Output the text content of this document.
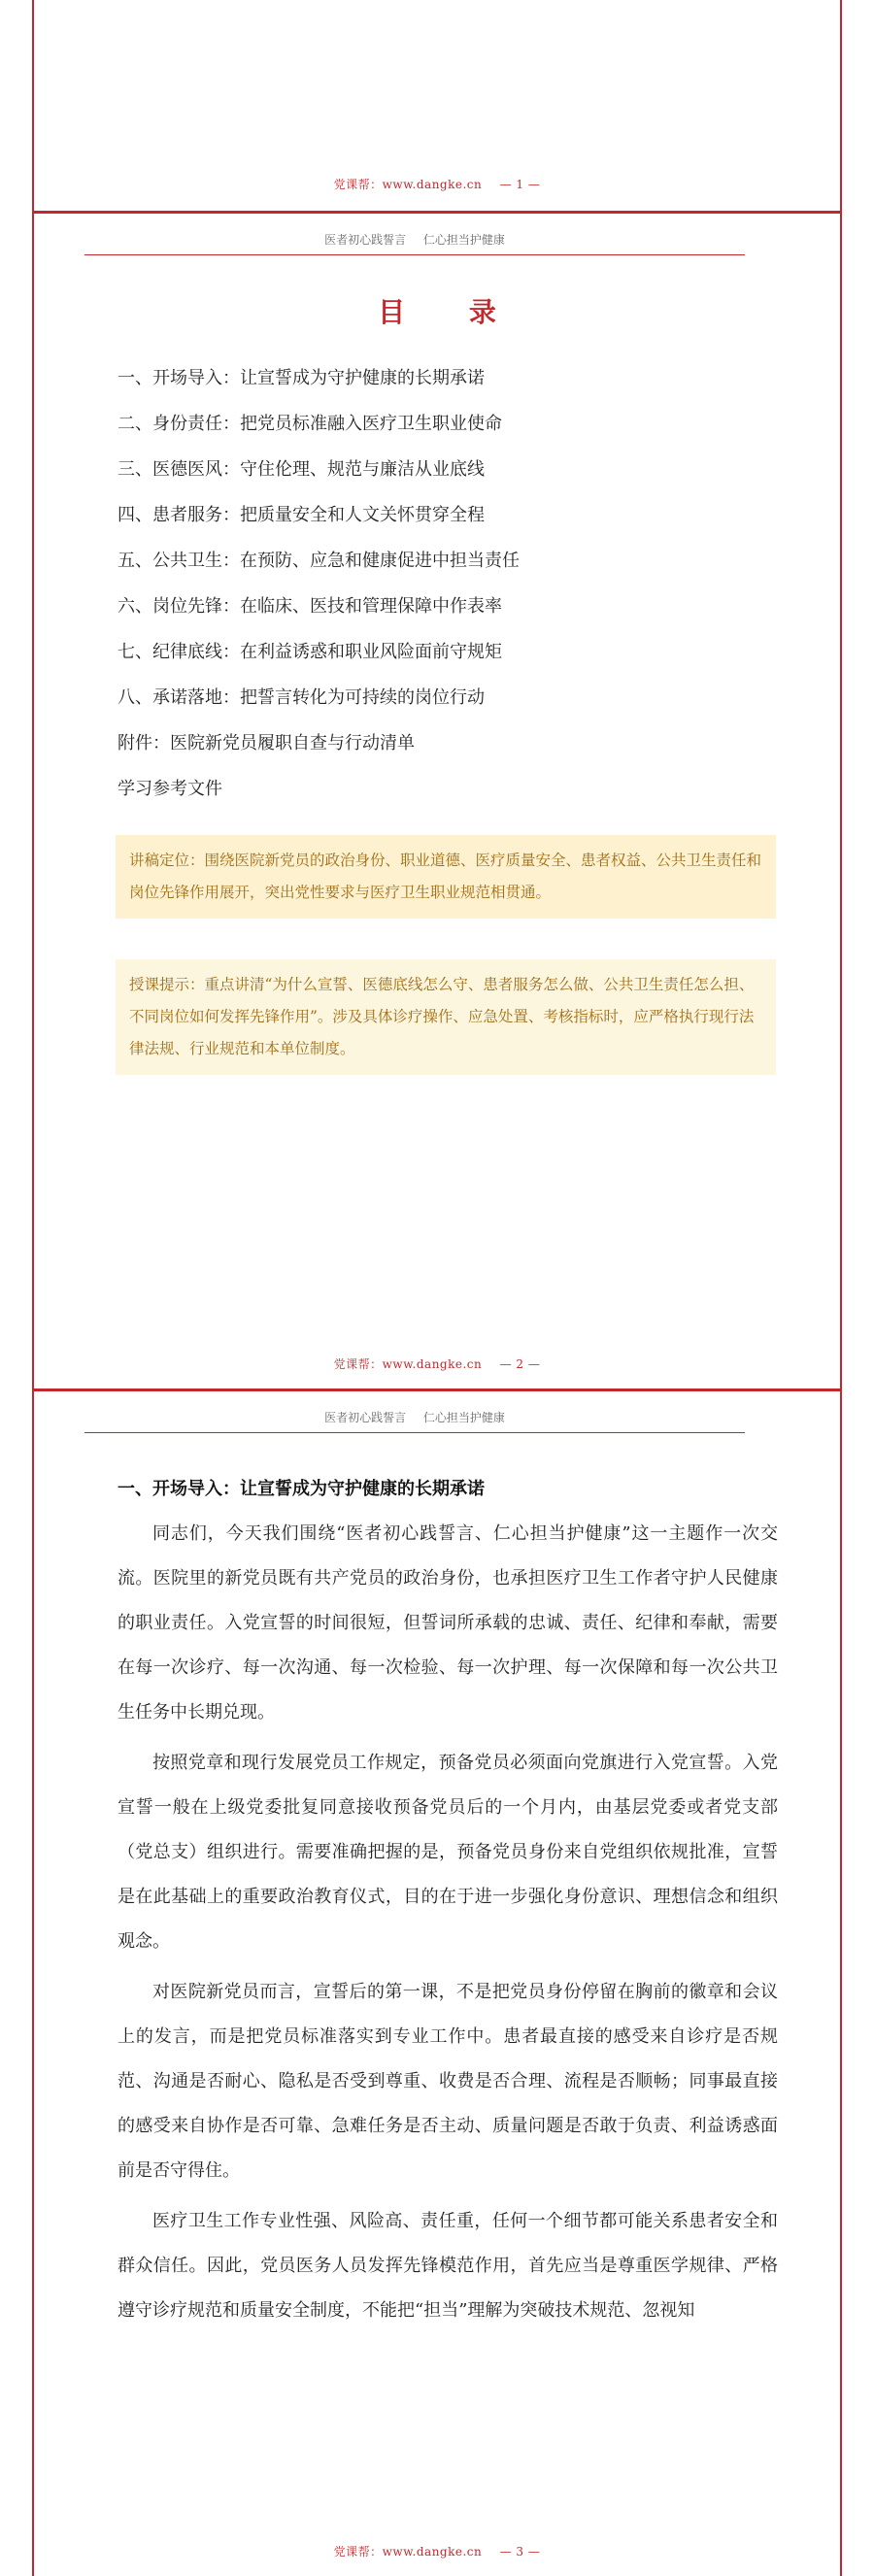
党课帮：www.dangke.cn — 1 —
医者初心践誓言 仁心担当护健康
目 录
一、开场导入：让宣誓成为守护健康的长期承诺
二、身份责任：把党员标准融入医疗卫生职业使命
三、医德医风：守住伦理、规范与廉洁从业底线
四、患者服务：把质量安全和人文关怀贯穿全程
五、公共卫生：在预防、应急和健康促进中担当责任
六、岗位先锋：在临床、医技和管理保障中作表率
七、纪律底线：在利益诱惑和职业风险面前守规矩
八、承诺落地：把誓言转化为可持续的岗位行动
附件：医院新党员履职自查与行动清单
学习参考文件
讲稿定位：围绕医院新党员的政治身份、职业道德、医疗质量安全、患者权益、公共卫生责任和岗位先锋作用展开，突出党性要求与医疗卫生职业规范相贯通。
授课提示：重点讲清“为什么宣誓、医德底线怎么守、患者服务怎么做、公共卫生责任怎么担、不同岗位如何发挥先锋作用”。涉及具体诊疗操作、应急处置、考核指标时，应严格执行现行法律法规、行业规范和本单位制度。
党课帮：www.dangke.cn — 2 —
医者初心践誓言 仁心担当护健康
一、开场导入：让宣誓成为守护健康的长期承诺

同志们，今天我们围绕“医者初心践誓言、仁心担当护健康”这一主题作一次交流。医院里的新党员既有共产党员的政治身份，也承担医疗卫生工作者守护人民健康的职业责任。入党宣誓的时间很短，但誓词所承载的忠诚、责任、纪律和奉献，需要在每一次诊疗、每一次沟通、每一次检验、每一次护理、每一次保障和每一次公共卫生任务中长期兑现。

按照党章和现行发展党员工作规定，预备党员必须面向党旗进行入党宣誓。入党宣誓一般在上级党委批复同意接收预备党员后的一个月内，由基层党委或者党支部（党总支）组织进行。需要准确把握的是，预备党员身份来自党组织依规批准，宣誓是在此基础上的重要政治教育仪式，目的在于进一步强化身份意识、理想信念和组织观念。

对医院新党员而言，宣誓后的第一课，不是把党员身份停留在胸前的徽章和会议上的发言，而是把党员标准落实到专业工作中。患者最直接的感受来自诊疗是否规范、沟通是否耐心、隐私是否受到尊重、收费是否合理、流程是否顺畅；同事最直接的感受来自协作是否可靠、急难任务是否主动、质量问题是否敢于负责、利益诱惑面前是否守得住。

医疗卫生工作专业性强、风险高、责任重，任何一个细节都可能关系患者安全和群众信任。因此，党员医务人员发挥先锋模范作用，首先应当是尊重医学规律、严格遵守诊疗规范和质量安全制度，不能把“担当”理解为突破技术规范、忽视知

党课帮：www.dangke.cn — 3 —
